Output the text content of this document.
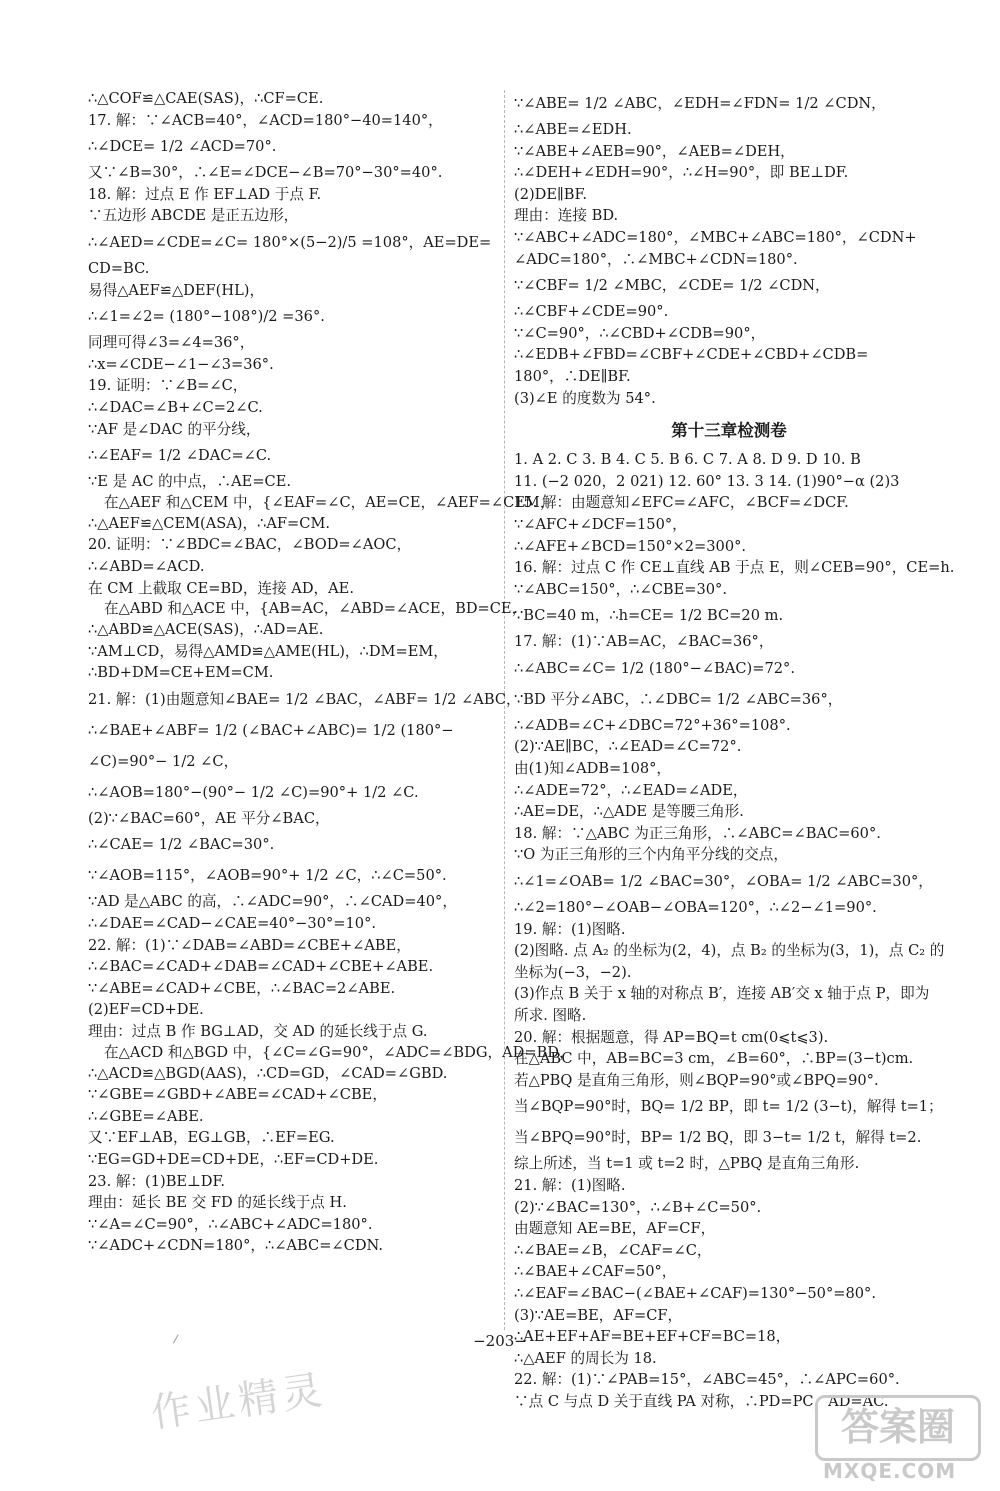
∴△COF≌△CAE(SAS)，∴CF=CE.
17. 解：∵∠ACB=40°，∠ACD=180°−40=140°，
∴∠DCE= 1/2 ∠ACD=70°.
又∵∠B=30°，∴∠E=∠DCE−∠B=70°−30°=40°.
18. 解：过点 E 作 EF⊥AD 于点 F.
∵五边形 ABCDE 是正五边形，
∴∠AED=∠CDE=∠C= 180°×(5−2)/5 =108°，AE=DE=
CD=BC.
易得△AEF≌△DEF(HL)，
∴∠1=∠2= (180°−108°)/2 =36°.
同理可得∠3=∠4=36°，
∴x=∠CDE−∠1−∠3=36°.
19. 证明：∵∠B=∠C，
∴∠DAC=∠B+∠C=2∠C.
∵AF 是∠DAC 的平分线，
∴∠EAF= 1/2 ∠DAC=∠C.
∵E 是 AC 的中点，∴AE=CE.
在△AEF 和△CEM 中，{∠EAF=∠C，AE=CE，∠AEF=∠CEM，
∴△AEF≌△CEM(ASA)，∴AF=CM.
20. 证明：∵∠BDC=∠BAC，∠BOD=∠AOC，
∴∠ABD=∠ACD.
在 CM 上截取 CE=BD，连接 AD，AE.
在△ABD 和△ACE 中，{AB=AC，∠ABD=∠ACE，BD=CE，
∴△ABD≌△ACE(SAS)，∴AD=AE.
∵AM⊥CD，易得△AMD≌△AME(HL)，∴DM=EM，
∴BD+DM=CE+EM=CM.
21. 解：(1)由题意知∠BAE= 1/2 ∠BAC，∠ABF= 1/2 ∠ABC，
∴∠BAE+∠ABF= 1/2 (∠BAC+∠ABC)= 1/2 (180°−
∠C)=90°− 1/2 ∠C，
∴∠AOB=180°−(90°− 1/2 ∠C)=90°+ 1/2 ∠C.
(2)∵∠BAC=60°，AE 平分∠BAC，
∴∠CAE= 1/2 ∠BAC=30°.
∵∠AOB=115°，∠AOB=90°+ 1/2 ∠C，∴∠C=50°.
∵AD 是△ABC 的高，∴∠ADC=90°，∴∠CAD=40°，
∴∠DAE=∠CAD−∠CAE=40°−30°=10°.
22. 解：(1)∵∠DAB=∠ABD=∠CBE+∠ABE，
∴∠BAC=∠CAD+∠DAB=∠CAD+∠CBE+∠ABE.
∵∠ABE=∠CAD+∠CBE，∴∠BAC=2∠ABE.
(2)EF=CD+DE.
理由：过点 B 作 BG⊥AD，交 AD 的延长线于点 G.
在△ACD 和△BGD 中，{∠C=∠G=90°，∠ADC=∠BDG，AD=BD，
∴△ACD≌△BGD(AAS)，∴CD=GD，∠CAD=∠GBD.
∵∠GBE=∠GBD+∠ABE=∠CAD+∠CBE，
∴∠GBE=∠ABE.
又∵EF⊥AB，EG⊥GB，∴EF=EG.
∵EG=GD+DE=CD+DE，∴EF=CD+DE.
23. 解：(1)BE⊥DF.
理由：延长 BE 交 FD 的延长线于点 H.
∵∠A=∠C=90°，∴∠ABC+∠ADC=180°.
∵∠ADC+∠CDN=180°，∴∠ABC=∠CDN.
∵∠ABE= 1/2 ∠ABC，∠EDH=∠FDN= 1/2 ∠CDN，
∴∠ABE=∠EDH.
∵∠ABE+∠AEB=90°，∠AEB=∠DEH，
∴∠DEH+∠EDH=90°，∴∠H=90°，即 BE⊥DF.
(2)DE∥BF.
理由：连接 BD.
∵∠ABC+∠ADC=180°，∠MBC+∠ABC=180°，∠CDN+
∠ADC=180°，∴∠MBC+∠CDN=180°.
∵∠CBF= 1/2 ∠MBC，∠CDE= 1/2 ∠CDN，
∴∠CBF+∠CDE=90°.
∵∠C=90°，∴∠CBD+∠CDB=90°，
∴∠EDB+∠FBD=∠CBF+∠CDE+∠CBD+∠CDB=
180°，∴DE∥BF.
(3)∠E 的度数为 54°.
第十三章检测卷
1. A 2. C 3. B 4. C 5. B 6. C 7. A 8. D 9. D 10. B
11. (−2 020，2 021) 12. 60° 13. 3 14. (1)90°−α (2)3
15. 解：由题意知∠EFC=∠AFC，∠BCF=∠DCF.
∵∠AFC+∠DCF=150°，
∴∠AFE+∠BCD=150°×2=300°.
16. 解：过点 C 作 CE⊥直线 AB 于点 E，则∠CEB=90°，CE=h.
∵∠ABC=150°，∴∠CBE=30°.
∵BC=40 m，∴h=CE= 1/2 BC=20 m.
17. 解：(1)∵AB=AC，∠BAC=36°，
∴∠ABC=∠C= 1/2 (180°−∠BAC)=72°.
∵BD 平分∠ABC，∴∠DBC= 1/2 ∠ABC=36°，
∴∠ADB=∠C+∠DBC=72°+36°=108°.
(2)∵AE∥BC，∴∠EAD=∠C=72°.
由(1)知∠ADB=108°，
∴∠ADE=72°，∴∠EAD=∠ADE，
∴AE=DE，∴△ADE 是等腰三角形.
18. 解：∵△ABC 为正三角形，∴∠ABC=∠BAC=60°.
∵O 为正三角形的三个内角平分线的交点，
∴∠1=∠OAB= 1/2 ∠BAC=30°，∠OBA= 1/2 ∠ABC=30°，
∴∠2=180°−∠OAB−∠OBA=120°，∴∠2−∠1=90°.
19. 解：(1)图略.
(2)图略. 点 A₂ 的坐标为(2，4)，点 B₂ 的坐标为(3，1)，点 C₂ 的
坐标为(−3，−2).
(3)作点 B 关于 x 轴的对称点 B′，连接 AB′交 x 轴于点 P，即为
所求. 图略.
20. 解：根据题意，得 AP=BQ=t cm(0⩽t⩽3).
在△ABC 中，AB=BC=3 cm，∠B=60°，∴BP=(3−t)cm.
若△PBQ 是直角三角形，则∠BQP=90°或∠BPQ=90°.
当∠BQP=90°时，BQ= 1/2 BP，即 t= 1/2 (3−t)，解得 t=1；
当∠BPQ=90°时，BP= 1/2 BQ，即 3−t= 1/2 t，解得 t=2.
综上所述，当 t=1 或 t=2 时，△PBQ 是直角三角形.
21. 解：(1)图略.
(2)∵∠BAC=130°，∴∠B+∠C=50°.
由题意知 AE=BE，AF=CF，
∴∠BAE=∠B，∠CAF=∠C，
∴∠BAE+∠CAF=50°，
∴∠EAF=∠BAC−(∠BAE+∠CAF)=130°−50°=80°.
(3)∵AE=BE，AF=CF，
∴AE+EF+AF=BE+EF+CF=BC=18，
∴△AEF 的周长为 18.
22. 解：(1)∵∠PAB=15°，∠ABC=45°，∴∠APC=60°.
∵点 C 与点 D 关于直线 PA 对称，∴PD=PC，AD=AC.
−203−
作业精灵	答案圈
MXQE.COM
